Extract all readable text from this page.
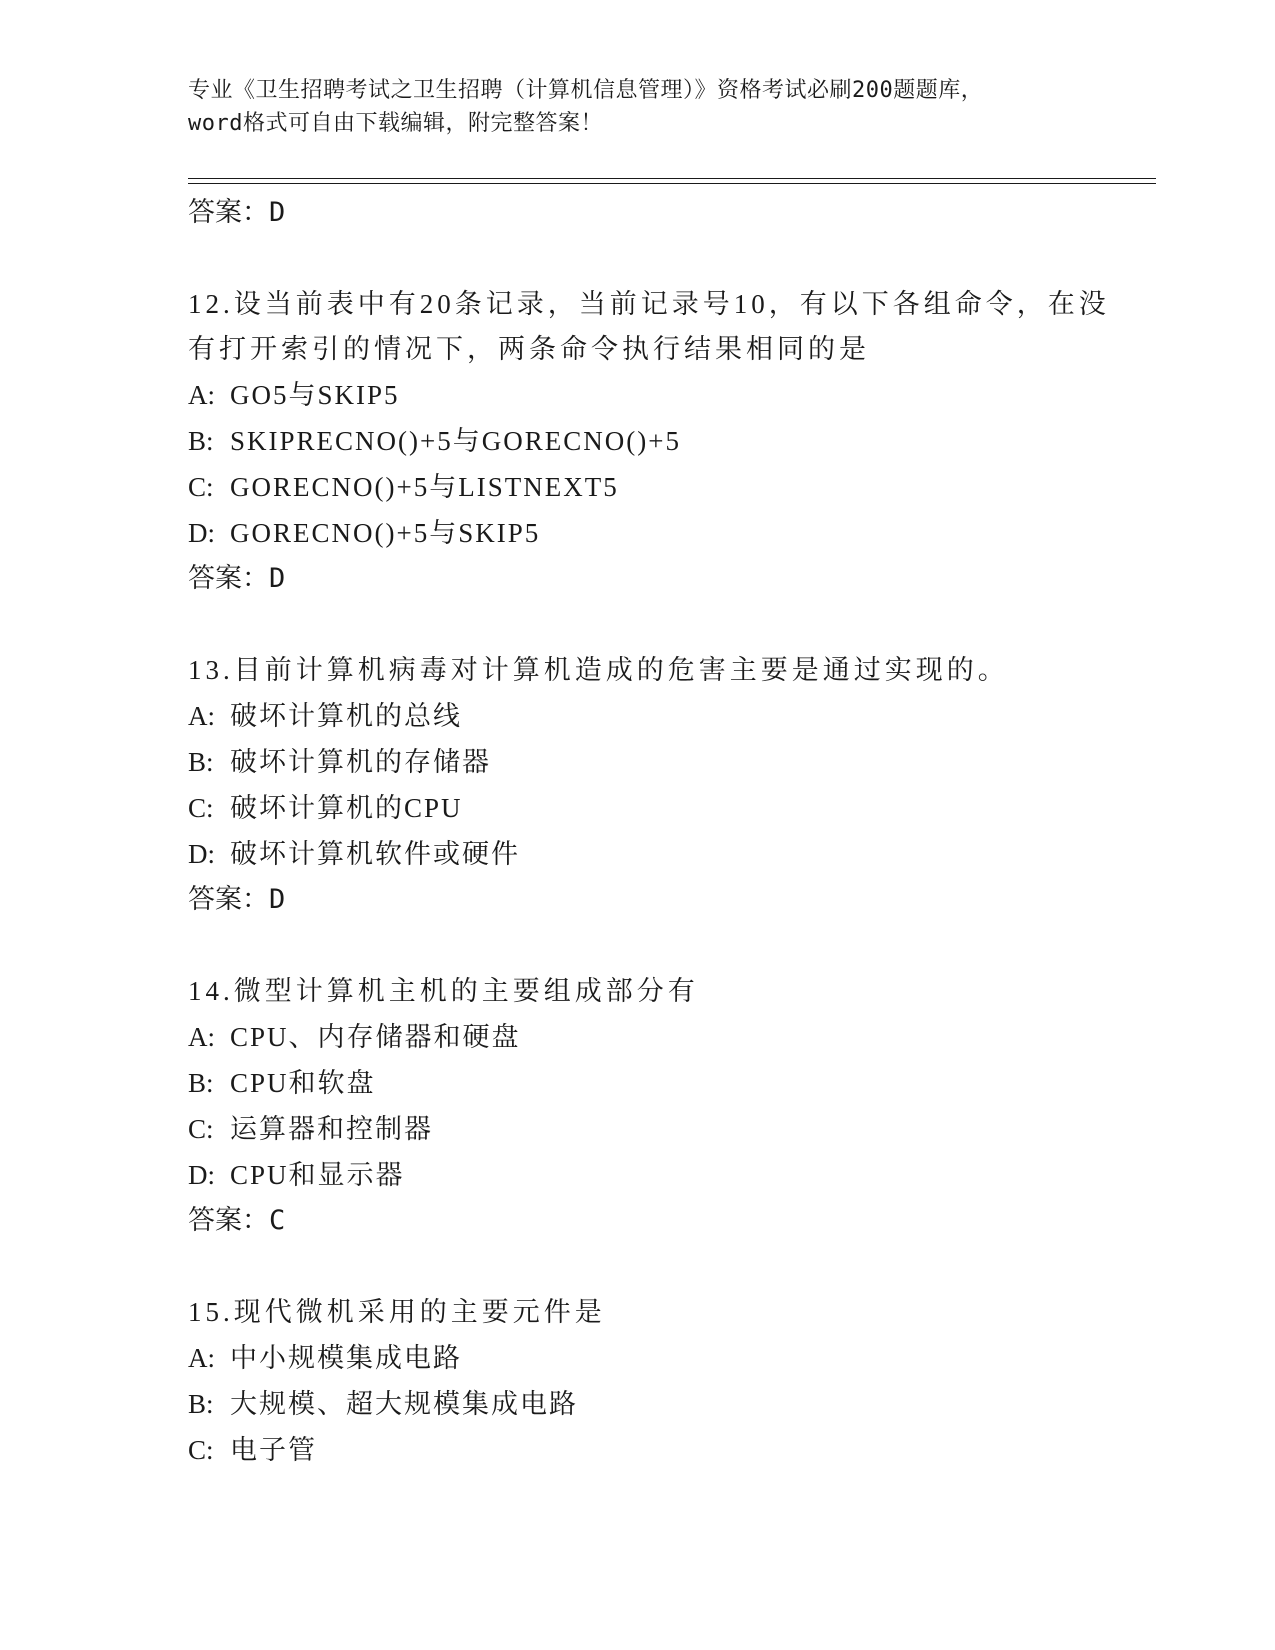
专业《卫生招聘考试之卫生招聘（计算机信息管理）》资格考试必刷200题题库，
word格式可自由下载编辑，附完整答案！
答案：D
12.设当前表中有20条记录，当前记录号10，有以下各组命令，在没
有打开索引的情况下，两条命令执行结果相同的是
A: GO5与SKIP5
B: SKIPRECNO()+5与GORECNO()+5
C: GORECNO()+5与LISTNEXT5
D: GORECNO()+5与SKIP5
答案：D
13.目前计算机病毒对计算机造成的危害主要是通过实现的。
A: 破坏计算机的总线
B: 破坏计算机的存储器
C: 破坏计算机的CPU
D: 破坏计算机软件或硬件
答案：D
14.微型计算机主机的主要组成部分有
A: CPU、内存储器和硬盘
B: CPU和软盘
C: 运算器和控制器
D: CPU和显示器
答案：C
15.现代微机采用的主要元件是
A: 中小规模集成电路
B: 大规模、超大规模集成电路
C: 电子管
